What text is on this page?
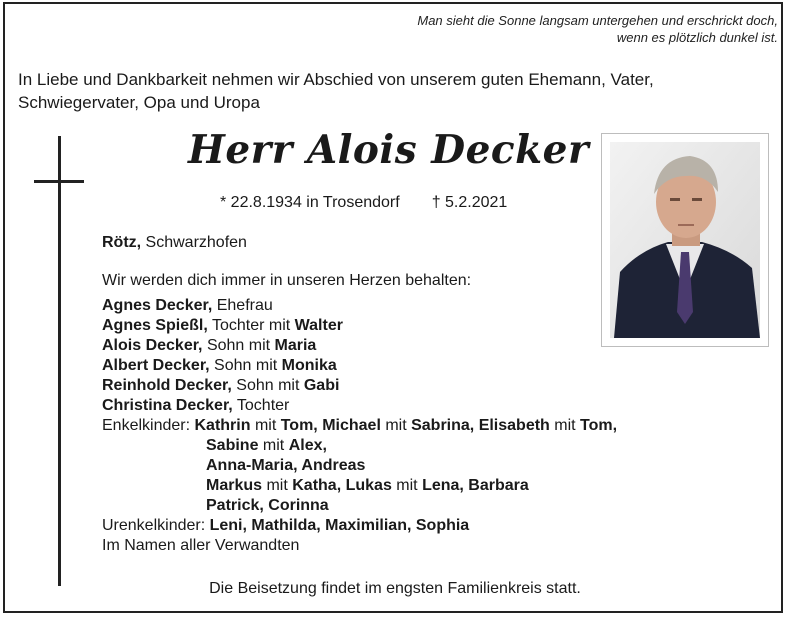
Man sieht die Sonne langsam untergehen und erschrickt doch,
wenn es plötzlich dunkel ist.
In Liebe und Dankbarkeit nehmen wir Abschied von unserem guten Ehemann, Vater,
Schwiegervater, Opa und Uropa
Herr Alois Decker
* 22.8.1934 in Trosendorf † 5.2.2021
Rötz, Schwarzhofen
Wir werden dich immer in unseren Herzen behalten:
Agnes Decker, Ehefrau
Agnes Spießl, Tochter mit Walter
Alois Decker, Sohn mit Maria
Albert Decker, Sohn mit Monika
Reinhold Decker, Sohn mit Gabi
Christina Decker, Tochter
Enkelkinder: Kathrin mit Tom, Michael mit Sabrina, Elisabeth mit Tom,
Sabine mit Alex,
Anna-Maria, Andreas
Markus mit Katha, Lukas mit Lena, Barbara
Patrick, Corinna
Urenkelkinder: Leni, Mathilda, Maximilian, Sophia
Im Namen aller Verwandten
Die Beisetzung findet im engsten Familienkreis statt.
